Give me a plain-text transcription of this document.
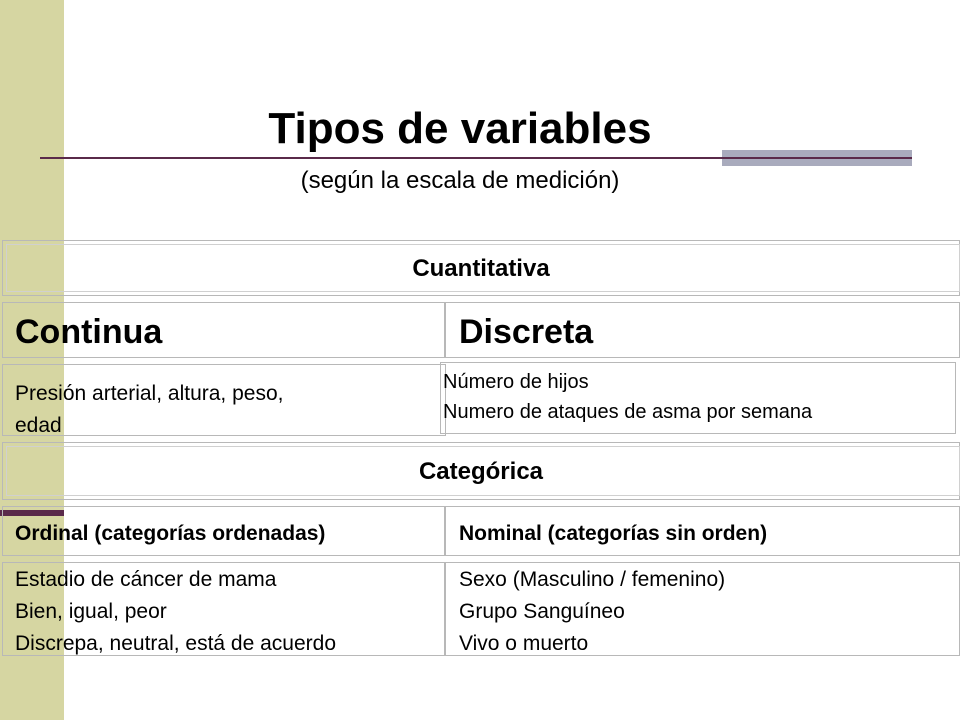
Tipos de variables
(según la escala de medición)
Cuantitativa
Continua	Discreta
Presión arterial, altura, peso,
edad
Número de hijos
Numero de ataques de asma por semana
Categórica
Ordinal (categorías ordenadas)	Nominal (categorías sin orden)
Estadio de cáncer de mama
Bien, igual, peor
Discrepa, neutral, está de acuerdo
Sexo (Masculino / femenino)
Grupo Sanguíneo
Vivo o muerto
